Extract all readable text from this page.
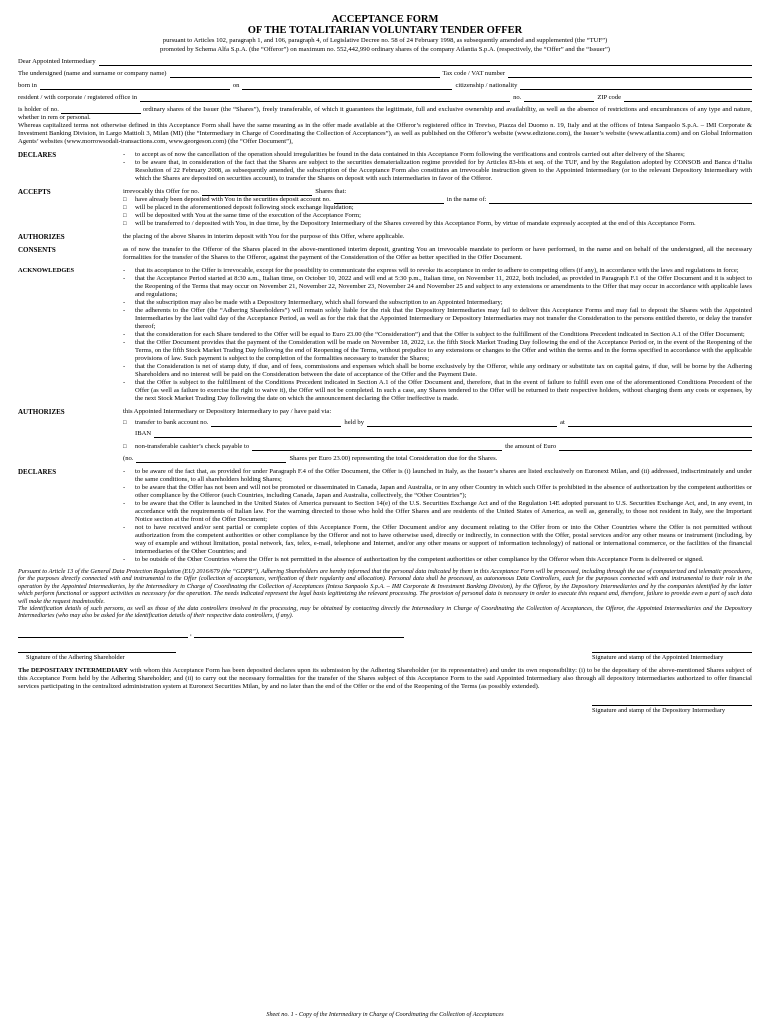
ACCEPTANCE FORM
OF THE TOTALITARIAN VOLUNTARY TENDER OFFER
pursuant to Articles 102, paragraph 1, and 106, paragraph 4, of Legislative Decree no. 58 of 24 February 1998, as subsequently amended and supplemented (the “TUF”)
promoted by Schema Alfa S.p.A. (the “Offeror”) on maximum no. 552,442,990 ordinary shares of the company Atlantia S.p.A. (respectively, the “Offer” and the “Issuer”)
Dear Appointed Intermediary
The undersigned (name and surname or company name)	Tax code / VAT number
born in	on	citizenship / nationality
resident / with corporate / registered office in	no.	ZIP code
is holder of no.	ordinary shares of the Issuer (the “Shares”), freely transferable, of which it guarantees the legitimate, full and exclusive ownership and availability, as well as the absence of restrictions and encumbrances of any type and nature, whether in rem or personal.
Whereas capitalized terms not otherwise defined in this Acceptance Form shall have the same meaning as in the offer made available at the Offeror’s registered office in Treviso, Piazza del Duomo n. 19, Italy and at the offices of Intesa Sanpaolo S.p.A. – IMI Corporate & Investment Banking Division, in Largo Mattioli 3, Milan (MI) (the “Intermediary in Charge of Coordinating the Collection of Acceptances”), as well as published on the Offeror’s website (www.edizione.com), the Issuer’s website (www.atlantia.com) and on Global Information Agents’ websites (www.morrowsodali-transactions.com, www.georgeson.com) (the “Offer Document”),
DECLARES	-	to accept as of now the cancellation of the operation should irregularities be found in the data contained in this Acceptance Form following the verifications and controls carried out after delivery of the Shares;
-	to be aware that, in consideration of the fact that the Shares are subject to the securities dematerialization regime provided for by Articles 83-bis et seq. of the TUF, and by the Regulation adopted by CONSOB and Banca d’Italia Resolution of 22 February 2008, as subsequently amended, the subscription of the Acceptance Form also constitutes an irrevocable instruction given to the Appointed Intermediary (or to the relevant Depository Intermediary with which the Shares are deposited on securities account), to transfer the Shares on deposit with such intermediaries in favor of the Offeror.
ACCEPTS	irrevocably this Offer for no.	Shares that:
□	have already been deposited with You in the securities deposit account no.	in the name of:
□	will be placed in the aforementioned deposit following stock exchange liquidation;
□	will be deposited with You at the same time of the execution of the Acceptance Form;
□	will be transferred to / deposited with You, in due time, by the Depository Intermediary of the Shares covered by this Acceptance Form, by virtue of mandate expressly accepted at the end of this Acceptance Form.
AUTHORIZES	the placing of the above Shares in interim deposit with You for the purpose of this Offer, where applicable.
CONSENTS	as of now the transfer to the Offeror of the Shares placed in the above-mentioned interim deposit, granting You an irrevocable mandate to perform or have performed, in the name and on behalf of the undersigned, all the necessary formalities for the transfer of the Shares to the Offeror, against the payment of the Consideration of the Offer as better specified in the Offer Document.
ACKNOWLEDGES	-	that its acceptance to the Offer is irrevocable, except for the possibility to communicate the express will to revoke its acceptance in order to adhere to competing offers (if any), in accordance with the laws and regulations in force;
-	that the Acceptance Period started at 8:30 a.m., Italian time, on October 10, 2022 and will end at 5:30 p.m., Italian time, on November 11, 2022, both included, as provided in Paragraph F.1 of the Offer Document and it is subject to the Reopening of the Terms that may occur on November 21, November 22, November 23, November 24 and November 25 and subject to any extensions or amendments to the Offer that may occur in accordance with applicable laws and regulations;
-	that the subscription may also be made with a Depository Intermediary, which shall forward the subscription to an Appointed Intermediary;
-	the adherents to the Offer (the “Adhering Shareholders”) will remain solely liable for the risk that the Depository Intermediaries may fail to deliver this Acceptance Forms and may fail to deposit the Shares with the Appointed Intermediaries by the last valid day of the Acceptance Period, as well as for the risk that the Appointed Intermediary or Depository Intermediaries may not transfer the Consideration to the persons entitled thereto, or delay the transfer thereof;
-	that the consideration for each Share tendered to the Offer will be equal to Euro 23.00 (the “Consideration”) and that the Offer is subject to the fulfillment of the Conditions Precedent indicated in Section A.1 of the Offer Document;
-	that the Offer Document provides that the payment of the Consideration will be made on November 18, 2022, i.e. the fifth Stock Market Trading Day following the end of the Acceptance Period or, in the event of the Reopening of the Terms, on the fifth Stock Market Trading Day following the end of Reopening of the Terms, without prejudice to any extensions or changes to the Offer and within the terms and in the forms specified in accordance with the applicable provisions of law. Such payment is subject to the completion of the formalities necessary to transfer the Shares;
-	that the Consideration is net of stamp duty, if due, and of fees, commissions and expenses which shall be borne exclusively by the Offeror, while any ordinary or substitute tax on capital gains, if due, will be borne by the Adhering Shareholders and no interest will be paid on the Consideration between the date of acceptance of the Offer and the Payment Date.
-	that the Offer is subject to the fulfillment of the Conditions Precedent indicated in Section A.1 of the Offer Document and, therefore, that in the event of failure to fulfill even one of the aforementioned Conditions Precedent of the Offer (as well as failure to exercise the right to waive it), the Offer will not be completed. In such a case, any Shares tendered to the Offer will be returned to their respective holders, without charging them any costs or expenses, by the next Stock Market Trading Day following the date on which the announcement declaring the Offer ineffective is made.
AUTHORIZES	this Appointed Intermediary or Depository Intermediary to pay / have paid via:
□	transfer to bank account no.	held by	at
IBAN
□	non-transferable cashier’s check payable to	the amount of Euro
(no.	Shares per Euro 23.00) representing the total Consideration due for the Shares.
DECLARES	-	to be aware of the fact that, as provided for under Paragraph F.4 of the Offer Document, the Offer is (i) launched in Italy, as the Issuer’s shares are listed exclusively on Euronext Milan, and (ii) addressed, indiscriminately and under the same conditions, to all shareholders holding Shares;
-	to be aware that the Offer has not been and will not be promoted or disseminated in Canada, Japan and Australia, or in any other Country in which such Offer is prohibited in the absence of authorization by the competent authorities or other compliance by the Offeror (such Countries, including Canada, Japan and Australia, collectively, the “Other Countries”);
-	to be aware that the Offer is launched in the United States of America pursuant to Section 14(e) of the U.S. Securities Exchange Act and of the Regulation 14E adopted pursuant to U.S. Securities Exchange Act, and, in any event, in accordance with the requirements of Italian law. For the warning directed to those who hold the Offer Shares and are residents of the United States of America, as well as, generally, to those not resident in Italy, see the Important Notice section at the front of the Offer Document;
-	not to have received and/or sent partial or complete copies of this Acceptance Form, the Offer Document and/or any document relating to the Offer from or into the Other Countries where the Offer is not permitted without authorization from the competent authorities or other compliance by the Offeror and not to have otherwise used, directly or indirectly, in connection with the Offer, postal services and/or any other means or instrument (including, by way of example and without limitation, postal network, fax, telex, e-mail, telephone and Internet, and/or any other means or support of information technology) of national or international commerce, or the facilities of the financial intermediaries of the Other Countries; and
-	to be outside of the Other Countries where the Offer is not permitted in the absence of authorization by the competent authorities or other compliance by the Offeror when this Acceptance Form is delivered or signed.
Pursuant to Article 13 of the General Data Protection Regulation (EU) 2016/679 (the “GDPR”), Adhering Shareholders are hereby informed that the personal data indicated by them in this Acceptance Form will be processed, including through the use of computerized and telematic procedures, for the purposes directly connected with and instrumental to the Offer (collection of acceptances, verification of their regularity and allocation). Personal data shall be processed, as autonomous Data Controllers, each for the purposes connected with and instrumental to their role in the operation by the Appointed Intermediaries, by the Intermediary in Charge of Coordinating the Collection of Acceptances (Intesa Sanpaolo S.p.A. – IMI Corporate & Investment Banking Division), by the Offeror, by the Depository Intermediaries and by the companies identified by the latter which perform functional or support activities as necessary for the operation. The needs indicated represent the legal basis legitimizing the relevant processing. The provision of personal data is necessary in order to execute this request and, therefore, failure to provide even a part of such data will make the request inadmissible.
The identification details of such persons, as well as those of the data controllers involved in the processing, may be obtained by contacting directly the Intermediary in Charge of Coordinating the Collection of Acceptances, the Offeror, the Appointed Intermediaries and the Depository Intermediaries (who may also be asked for the identification details of their respective data controllers, if any).
,
Signature of the Adhering Shareholder	Signature and stamp of the Appointed Intermediary
The DEPOSITARY INTERMEDIARY with whom this Acceptance Form has been deposited declares upon its submission by the Adhering Shareholder (or its representative) and under its own responsibility: (i) to be the depositary of the above-mentioned Shares subject of this Acceptance Form held by the Adhering Shareholder; and (ii) to carry out the necessary formalities for the transfer of the Shares subject of this Acceptance Form to the said Appointed Intermediary also through all depository intermediaries authorized to offer financial services participating in the centralized administration system at Euronext Securities Milan, by and no later than the end of the Offer or the end of the Reopening of the Terms (as possibly extended).
Signature and stamp of the Depository Intermediary
Sheet no. 1 - Copy of the Intermediary in Charge of Coordinating the Collection of Acceptances
